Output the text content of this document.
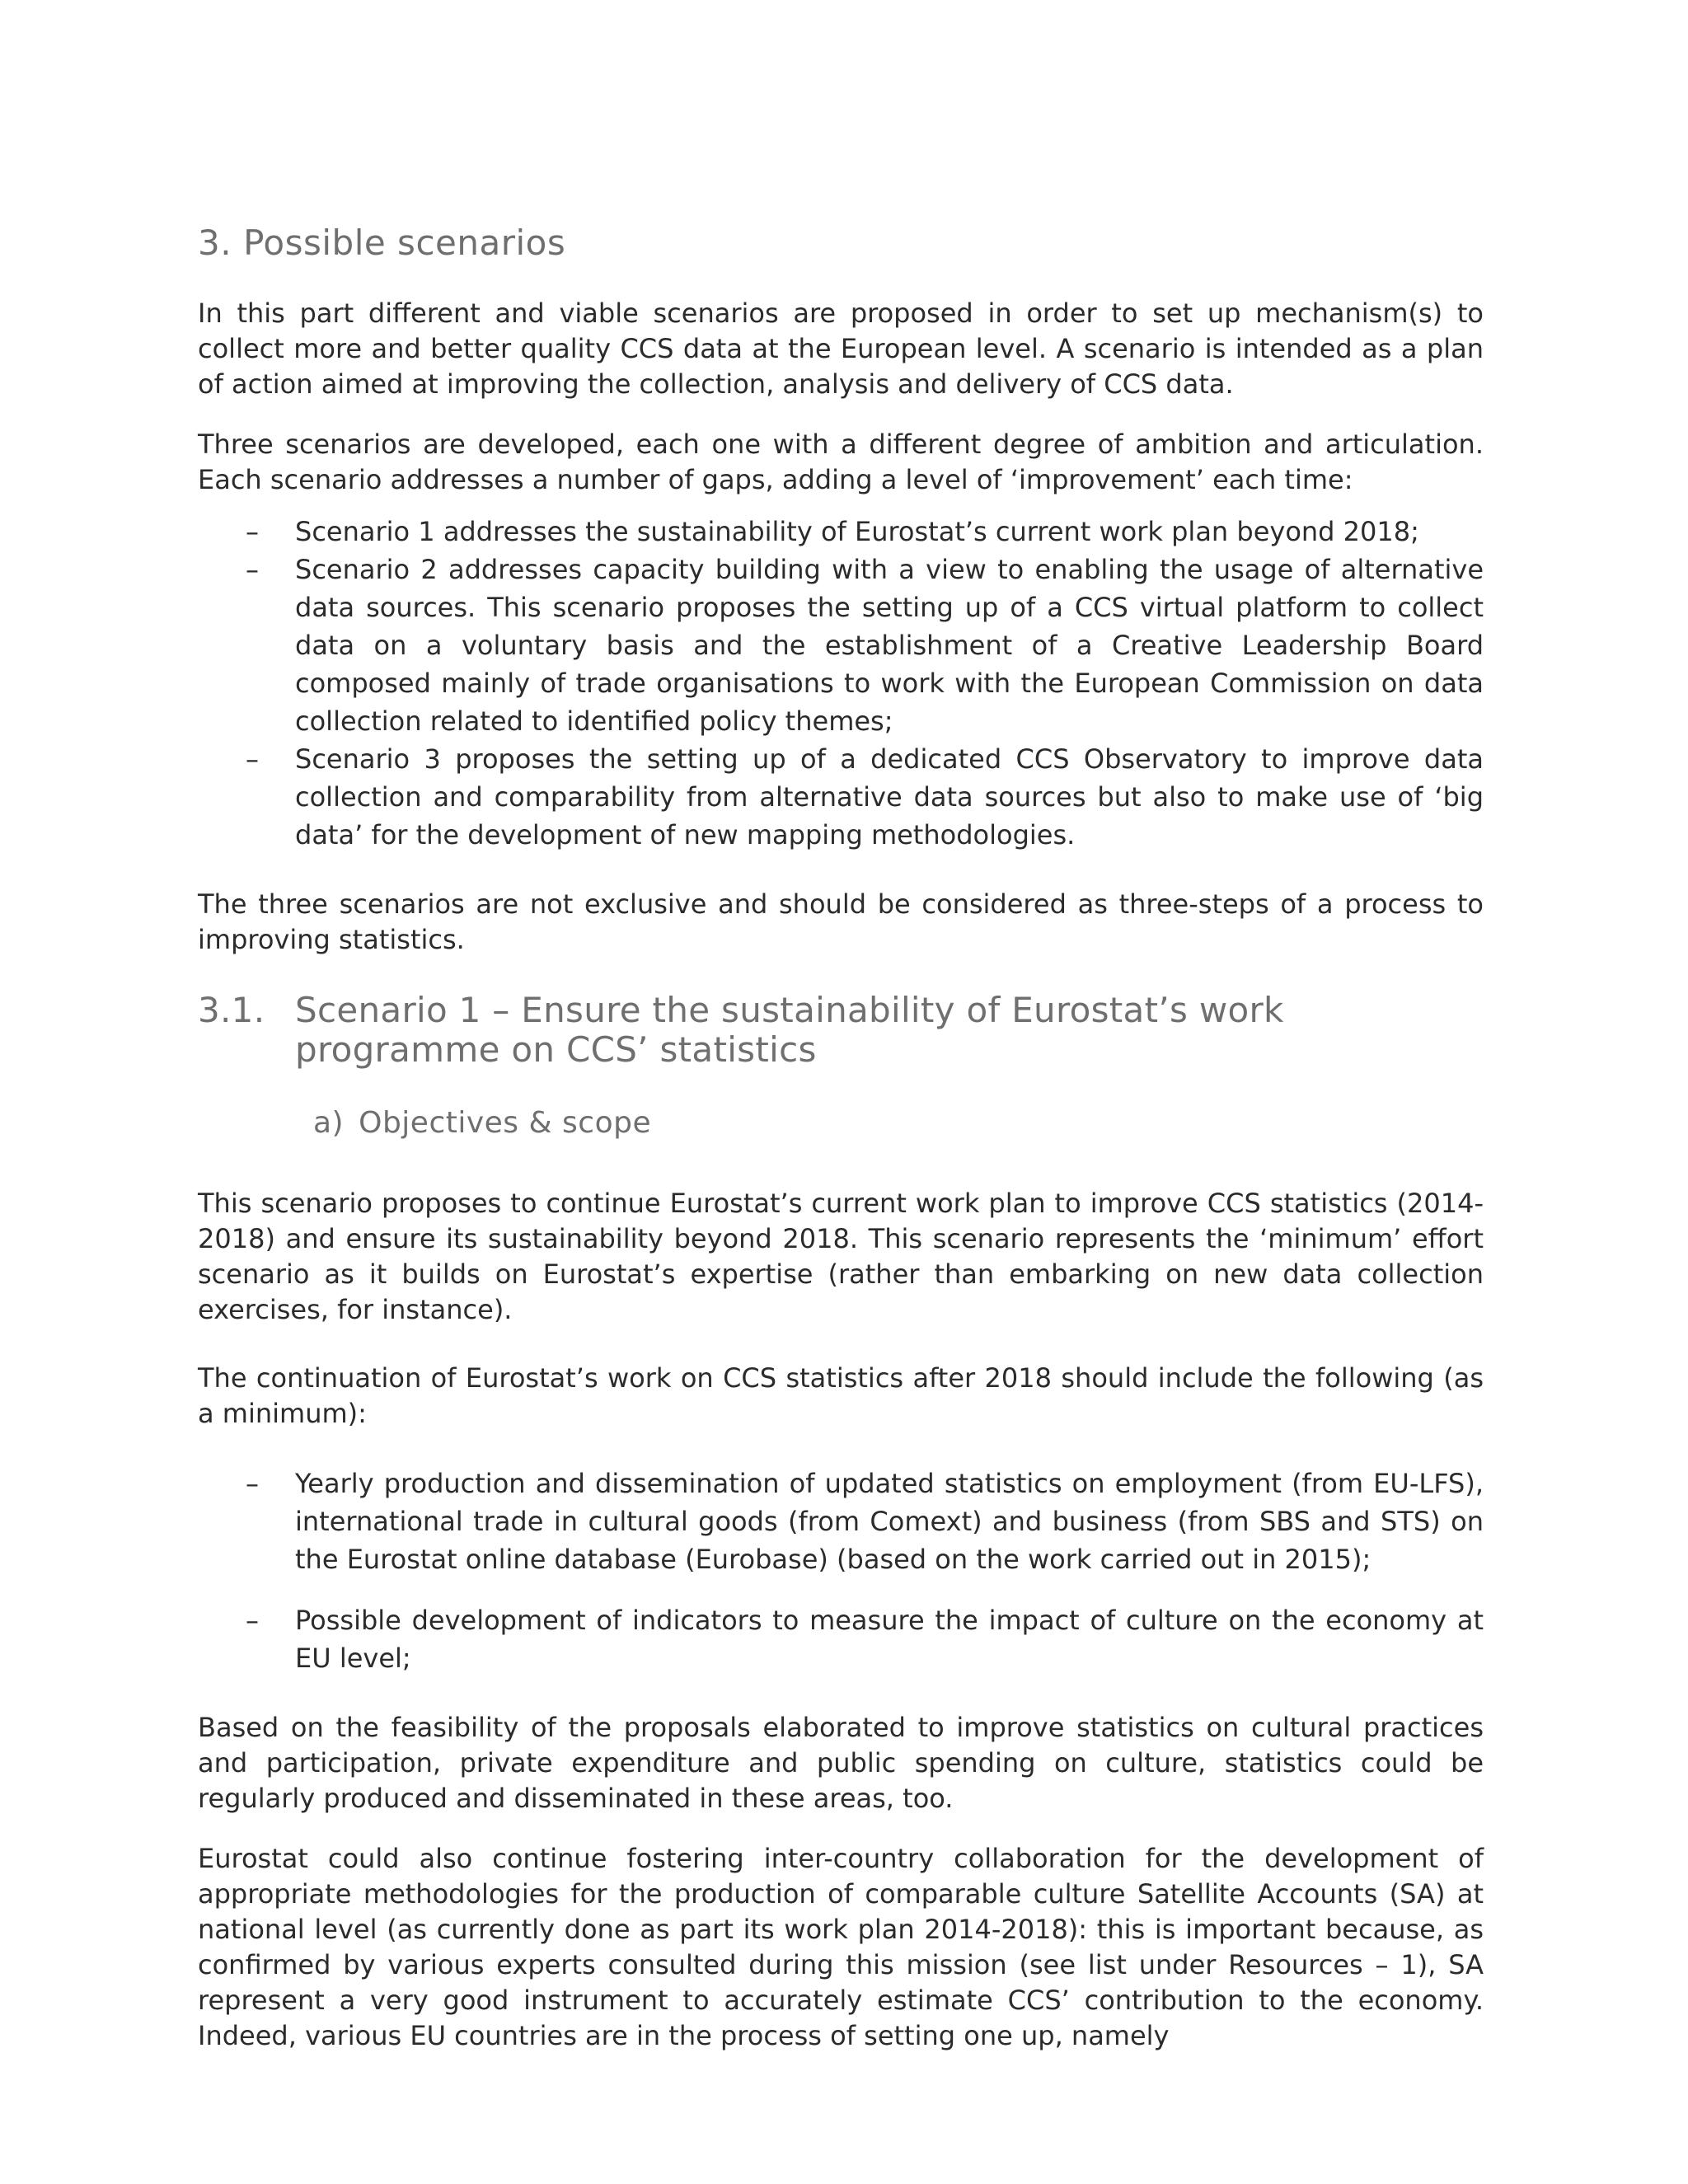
3. Possible scenarios

In this part different and viable scenarios are proposed in order to set up mechanism(s) to collect more and better quality CCS data at the European level. A scenario is intended as a plan of action aimed at improving the collection, analysis and delivery of CCS data.

Three scenarios are developed, each one with a different degree of ambition and articulation. Each scenario addresses a number of gaps, adding a level of ‘improvement’ each time:

– Scenario 1 addresses the sustainability of Eurostat’s current work plan beyond 2018;
– Scenario 2 addresses capacity building with a view to enabling the usage of alternative data sources. This scenario proposes the setting up of a CCS virtual platform to collect data on a voluntary basis and the establishment of a Creative Leadership Board composed mainly of trade organisations to work with the European Commission on data collection related to identified policy themes;
– Scenario 3 proposes the setting up of a dedicated CCS Observatory to improve data collection and comparability from alternative data sources but also to make use of ‘big data’ for the development of new mapping methodologies.

The three scenarios are not exclusive and should be considered as three-steps of a process to improving statistics.

3.1. Scenario 1 – Ensure the sustainability of Eurostat’s work programme on CCS’ statistics
a) Objectives & scope

This scenario proposes to continue Eurostat’s current work plan to improve CCS statistics (2014-2018) and ensure its sustainability beyond 2018. This scenario represents the ‘minimum’ effort scenario as it builds on Eurostat’s expertise (rather than embarking on new data collection exercises, for instance).

The continuation of Eurostat’s work on CCS statistics after 2018 should include the following (as a minimum):

– Yearly production and dissemination of updated statistics on employment (from EU-LFS), international trade in cultural goods (from Comext) and business (from SBS and STS) on the Eurostat online database (Eurobase) (based on the work carried out in 2015);
– Possible development of indicators to measure the impact of culture on the economy at EU level;

Based on the feasibility of the proposals elaborated to improve statistics on cultural practices and participation, private expenditure and public spending on culture, statistics could be regularly produced and disseminated in these areas, too.

Eurostat could also continue fostering inter-country collaboration for the development of appropriate methodologies for the production of comparable culture Satellite Accounts (SA) at national level (as currently done as part its work plan 2014-2018): this is important because, as confirmed by various experts consulted during this mission (see list under Resources – 1), SA represent a very good instrument to accurately estimate CCS’ contribution to the economy. Indeed, various EU countries are in the process of setting one up, namely
